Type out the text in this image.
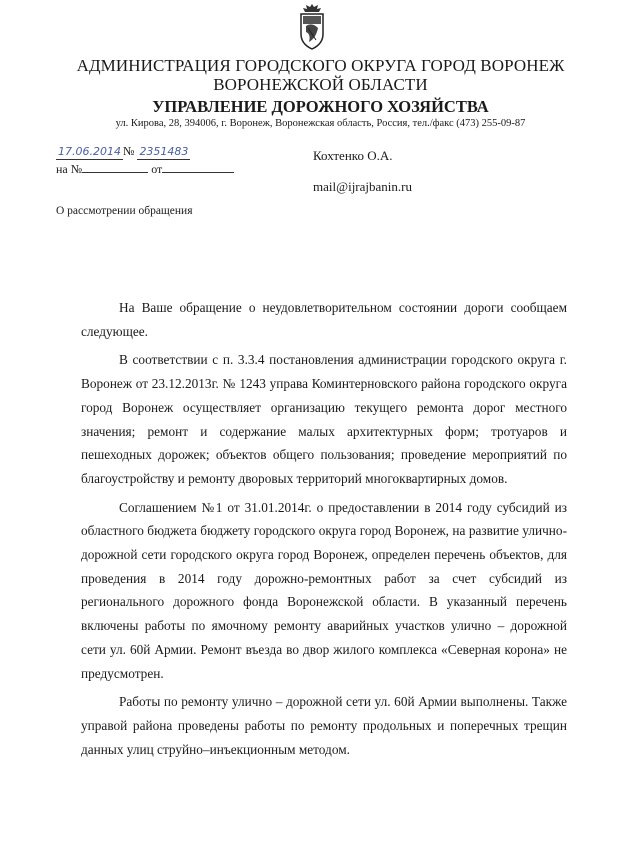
АДМИНИСТРАЦИЯ ГОРОДСКОГО ОКРУГА ГОРОД ВОРОНЕЖ
ВОРОНЕЖСКОЙ ОБЛАСТИ
УПРАВЛЕНИЕ ДОРОЖНОГО ХОЗЯЙСТВА
ул. Кирова, 28, 394006, г. Воронеж, Воронежская область, Россия, тел./факс (473) 255-09-87
17.06.2014 № 2351483
на №	от
Кохтенко О.А.
mail@ijrajbanin.ru
О рассмотрении обращения

На Ваше обращение о неудовлетворительном состоянии дороги сообщаем следующее.

В соответствии с п. 3.3.4 постановления администрации городского округа г. Воронеж от 23.12.2013г. № 1243 управа Коминтерновского района городского округа город Воронеж осуществляет организацию текущего ремонта дорог местного значения; ремонт и содержание малых архитектурных форм; тротуаров и пешеходных дорожек; объектов общего пользования; проведение мероприятий по благоустройству и ремонту дворовых территорий многоквартирных домов.

Соглашением №1 от 31.01.2014г. о предоставлении в 2014 году субсидий из областного бюджета бюджету городского округа город Воронеж, на развитие улично-дорожной сети городского округа город Воронеж, определен перечень объектов, для проведения в 2014 году дорожно-ремонтных работ за счет субсидий из регионального дорожного фонда Воронежской области. В указанный перечень включены работы по ямочному ремонту аварийных участков улично – дорожной сети ул. 60й Армии. Ремонт въезда во двор жилого комплекса «Северная корона» не предусмотрен.

Работы по ремонту улично – дорожной сети ул. 60й Армии выполнены. Также управой района проведены работы по ремонту продольных и поперечных трещин данных улиц струйно–инъекционным методом.
